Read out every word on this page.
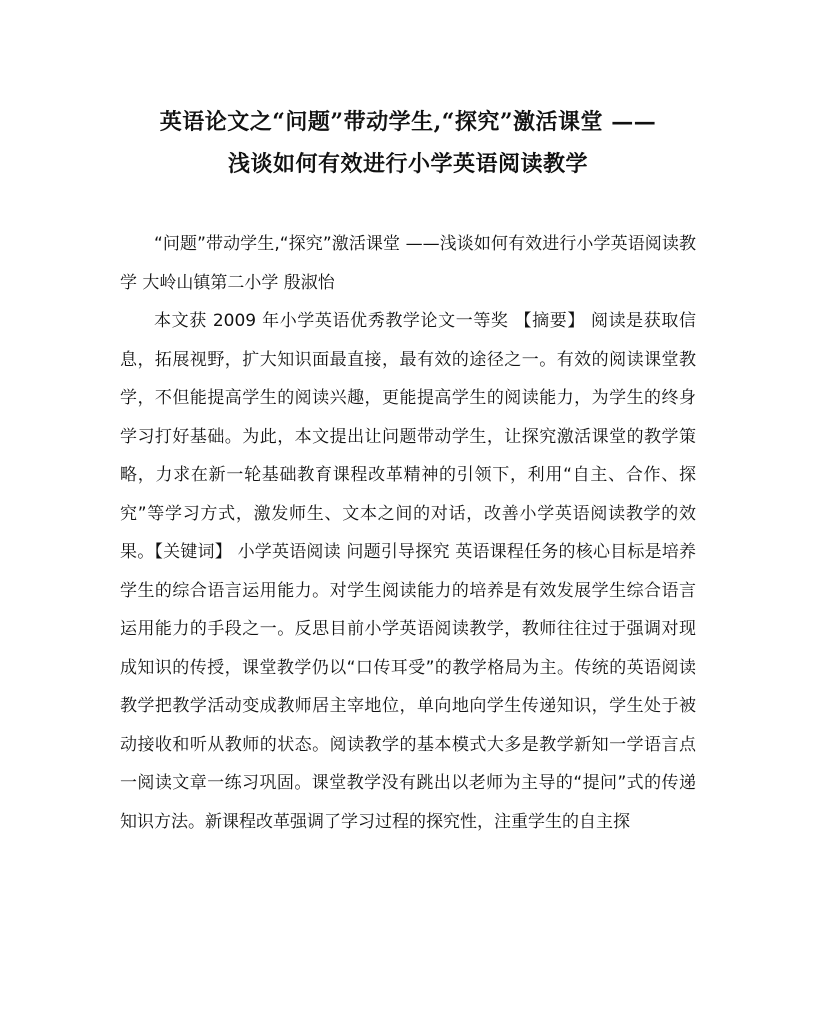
英语论文之“问题”带动学生,“探究”激活课堂 ——
浅谈如何有效进行小学英语阅读教学

“问题”带动学生,“探究”激活课堂 ——浅谈如何有效进行小学英语阅读教学 大岭山镇第二小学 殷淑怡

本文获 2009 年小学英语优秀教学论文一等奖 【摘要】 阅读是获取信息，拓展视野，扩大知识面最直接，最有效的途径之一。有效的阅读课堂教学，不但能提高学生的阅读兴趣，更能提高学生的阅读能力，为学生的终身学习打好基础。为此，本文提出让问题带动学生，让探究激活课堂的教学策略，力求在新一轮基础教育课程改革精神的引领下，利用“自主、合作、探究”等学习方式，激发师生、文本之间的对话，改善小学英语阅读教学的效果。【关键词】 小学英语阅读 问题引导探究 英语课程任务的核心目标是培养学生的综合语言运用能力。对学生阅读能力的培养是有效发展学生综合语言运用能力的手段之一。反思目前小学英语阅读教学，教师往往过于强调对现成知识的传授，课堂教学仍以“口传耳受”的教学格局为主。传统的英语阅读教学把教学活动变成教师居主宰地位，单向地向学生传递知识，学生处于被动接收和听从教师的状态。阅读教学的基本模式大多是教学新知一学语言点一阅读文章一练习巩固。课堂教学没有跳出以老师为主导的“提问”式的传递知识方法。新课程改革强调了学习过程的探究性，注重学生的自主探
